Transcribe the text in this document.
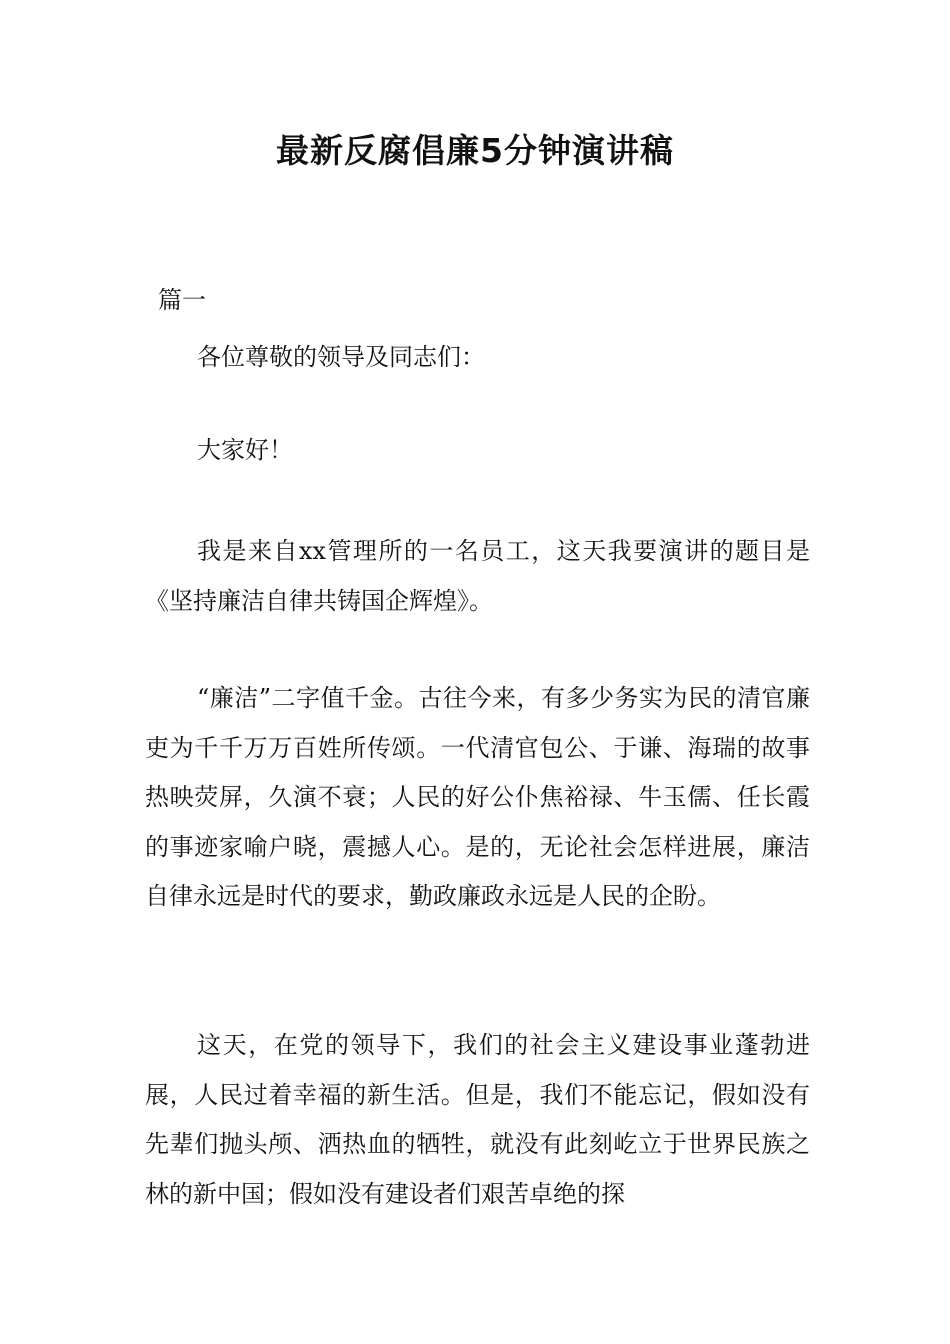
最新反腐倡廉5分钟演讲稿
篇一

各位尊敬的领导及同志们：

大家好！

我是来自xx管理所的一名员工，这天我要演讲的题目是《坚持廉洁自律共铸国企辉煌》。

“廉洁”二字值千金。古往今来，有多少务实为民的清官廉吏为千千万万百姓所传颂。一代清官包公、于谦、海瑞的故事热映荧屏，久演不衰；人民的好公仆焦裕禄、牛玉儒、任长霞的事迹家喻户晓，震撼人心。是的，无论社会怎样进展，廉洁自律永远是时代的要求，勤政廉政永远是人民的企盼。

这天，在党的领导下，我们的社会主义建设事业蓬勃进展，人民过着幸福的新生活。但是，我们不能忘记，假如没有先辈们抛头颅、洒热血的牺牲，就没有此刻屹立于世界民族之林的新中国；假如没有建设者们艰苦卓绝的探
